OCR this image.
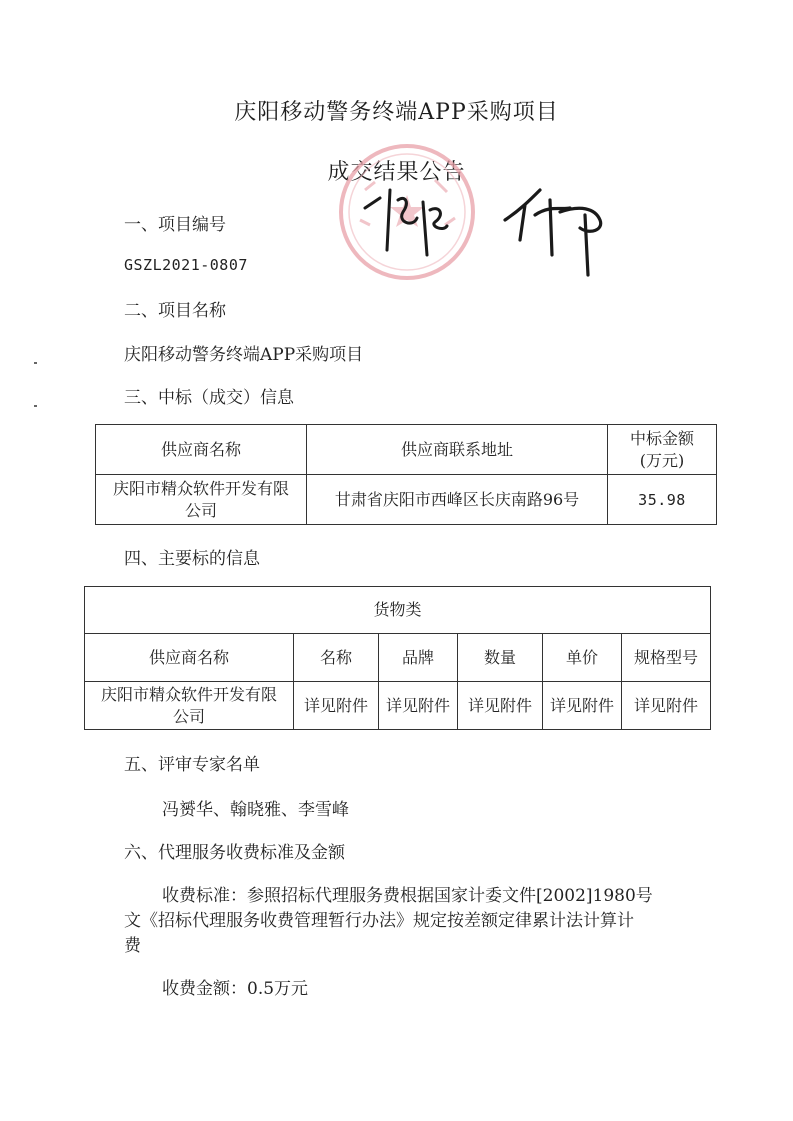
庆阳移动警务终端APP采购项目
成交结果公告
一、项目编号
GSZL2021-0807
二、项目名称
庆阳移动警务终端APP采购项目
三、中标（成交）信息
供应商名称	供应商联系地址	中标金额
(万元)

庆阳市精众软件开发有限
公司	甘肃省庆阳市西峰区长庆南路96号	35.98
四、主要标的信息
货物类					
供应商名称	名称	品牌	数量	单价	规格型号

庆阳市精众软件开发有限
公司	详见附件	详见附件	详见附件	详见附件	详见附件
五、评审专家名单
冯赟华、翰晓雅、李雪峰
六、代理服务收费标准及金额
收费标准：参照招标代理服务费根据国家计委文件[2002]1980号
文《招标代理服务收费管理暂行办法》规定按差额定律累计法计算计
费
收费金额：0.5万元
